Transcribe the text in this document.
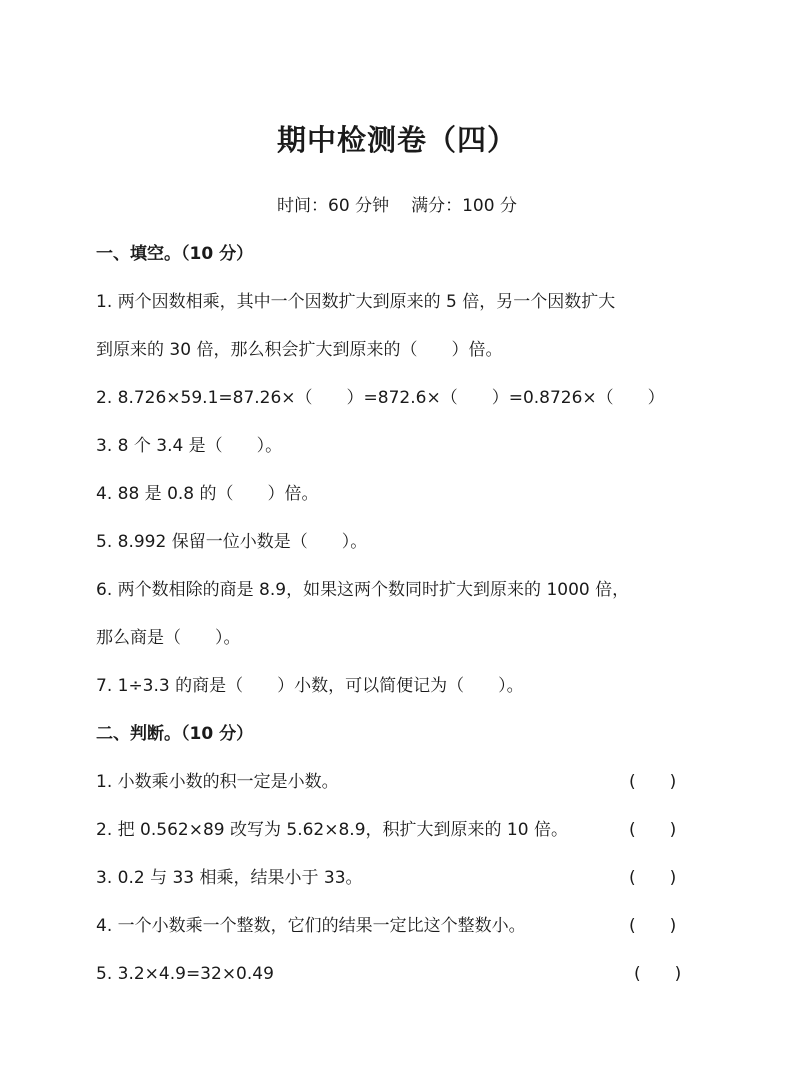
期中检测卷（四）
时间：60 分钟 满分：100 分
一、填空。（10 分）
1. 两个因数相乘，其中一个因数扩大到原来的 5 倍，另一个因数扩大
到原来的 30 倍，那么积会扩大到原来的（　　）倍。
2. 8.726×59.1=87.26×（　　）=872.6×（　　）=0.8726×（　　）
3. 8 个 3.4 是（　　）。
4. 88 是 0.8 的（　　）倍。
5. 8.992 保留一位小数是（　　）。
6. 两个数相除的商是 8.9，如果这两个数同时扩大到原来的 1000 倍，
那么商是（　　）。
7. 1÷3.3 的商是（　　）小数，可以简便记为（　　）。
二、判断。（10 分）
1. 小数乘小数的积一定是小数。	(　　)
2. 把 0.562×89 改写为 5.62×8.9，积扩大到原来的 10 倍。	(　　)
3. 0.2 与 33 相乘，结果小于 33。	(　　)
4. 一个小数乘一个整数，它们的结果一定比这个整数小。	(　　)
5. 3.2×4.9=32×0.49	(　　)
